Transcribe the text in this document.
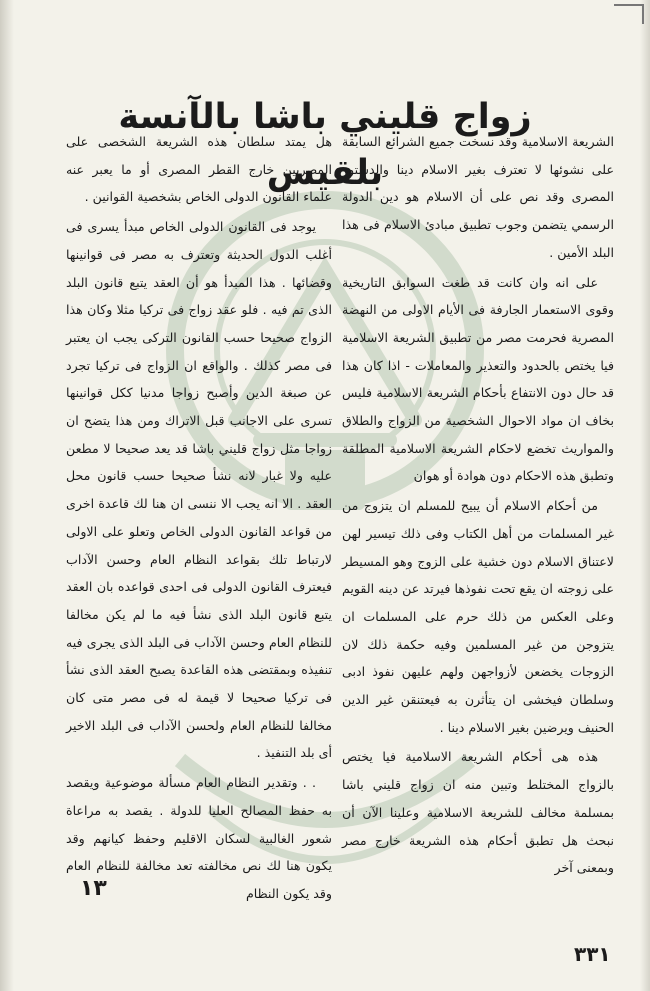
زواج قليني باشا بالآنسة بلقيس

الشريعة الاسلامية وقد نسخت جميع الشرائع السابقة على نشوئها لا تعترف بغير الاسلام دينا والدستور المصرى وقد نص على أن الاسلام هو دين الدولة الرسمي يتضمن وجوب تطبيق مبادئ الاسلام فى هذا البلد الأمين .

على انه وان كانت قد طغت السوابق التاريخية وقوى الاستعمار الجارفة فى الأيام الاولى من النهضة المصرية فحرمت مصر من تطبيق الشريعة الاسلامية فيا يختص بالحدود والتعذير والمعاملات - اذا كان هذا قد حال دون الانتفاع بأحكام الشريعة الاسلامية فليس بخاف ان مواد الاحوال الشخصية من الزواج والطلاق والمواريث تخضع لاحكام الشريعة الاسلامية المطلقة وتطبق هذه الاحكام دون هوادة أو هوان

من أحكام الاسلام أن يبيح للمسلم ان يتزوج من غير المسلمات من أهل الكتاب وفى ذلك تيسير لهن لاعتناق الاسلام دون خشية على الزوج وهو المسيطر على زوجته ان يقع تحت نفوذها فيرتد عن دينه القويم وعلى العكس من ذلك حرم على المسلمات ان يتزوجن من غير المسلمين وفيه حكمة ذلك لان الزوجات يخضعن لأزواجهن ولهم عليهن نفوذ ادبى وسلطان فيخشى ان يتأثرن به فيعتنقن غير الدين الحنيف ويرضين بغير الاسلام دينا .

هذه هى أحكام الشريعة الاسلامية فيا يختص بالزواج المختلط وتبين منه ان زواج قليني باشا بمسلمة مخالف للشريعة الاسلامية وعلينا الآن أن نبحث هل تطبق أحكام هذه الشريعة خارج مصر وبمعنى آخر

هل يمتد سلطان هذه الشريعة الشخصى على المصريين خارج القطر المصرى أو ما يعبر عنه علماء القانون الدولى الخاص بشخصية القوانين .

يوجد فى القانون الدولى الخاص مبدأ يسرى فى أغلب الدول الحديثة وتعترف به مصر فى قوانينها وقضائها . هذا المبدأ هو أن العقد يتبع قانون البلد الذى تم فيه . فلو عقد زواج فى تركيا مثلا وكان هذا الزواج صحيحا حسب القانون التركى يجب ان يعتبر فى مصر كذلك . والواقع ان الزواج فى تركيا تجرد عن صبغة الدين وأصبح زواجا مدنيا ككل قوانينها تسرى على الاجانب قبل الاتراك ومن هذا يتضح ان زواجا مثل زواج قليني باشا قد يعد صحيحا لا مطعن عليه ولا غبار لانه نشأ صحيحا حسب قانون محل العقد . الا انه يجب الا ننسى ان هنا لك قاعدة اخرى من قواعد القانون الدولى الخاص وتعلو على الاولى لارتباط تلك بقواعد النظام العام وحسن الآداب فيعترف القانون الدولى فى احدى قواعده بان العقد يتبع قانون البلد الذى نشأ فيه ما لم يكن مخالفا للنظام العام وحسن الآداب فى البلد الذى يجرى فيه تنفيذه وبمقتضى هذه القاعدة يصبح العقد الذى نشأ فى تركيا صحيحا لا قيمة له فى مصر متى كان مخالفا للنظام العام ولحسن الآداب فى البلد الاخير أى بلد التنفيذ .

. . وتقدير النظام العام مسألة موضوعية ويقصد به حفظ المصالح العليا للدولة . يقصد به مراعاة شعور الغالبية لسكان الاقليم وحفظ كيانهم وقد يكون هنا لك نص مخالفته تعد مخالفة للنظام العام وقد يكون النظام

١٣
٣٣١
